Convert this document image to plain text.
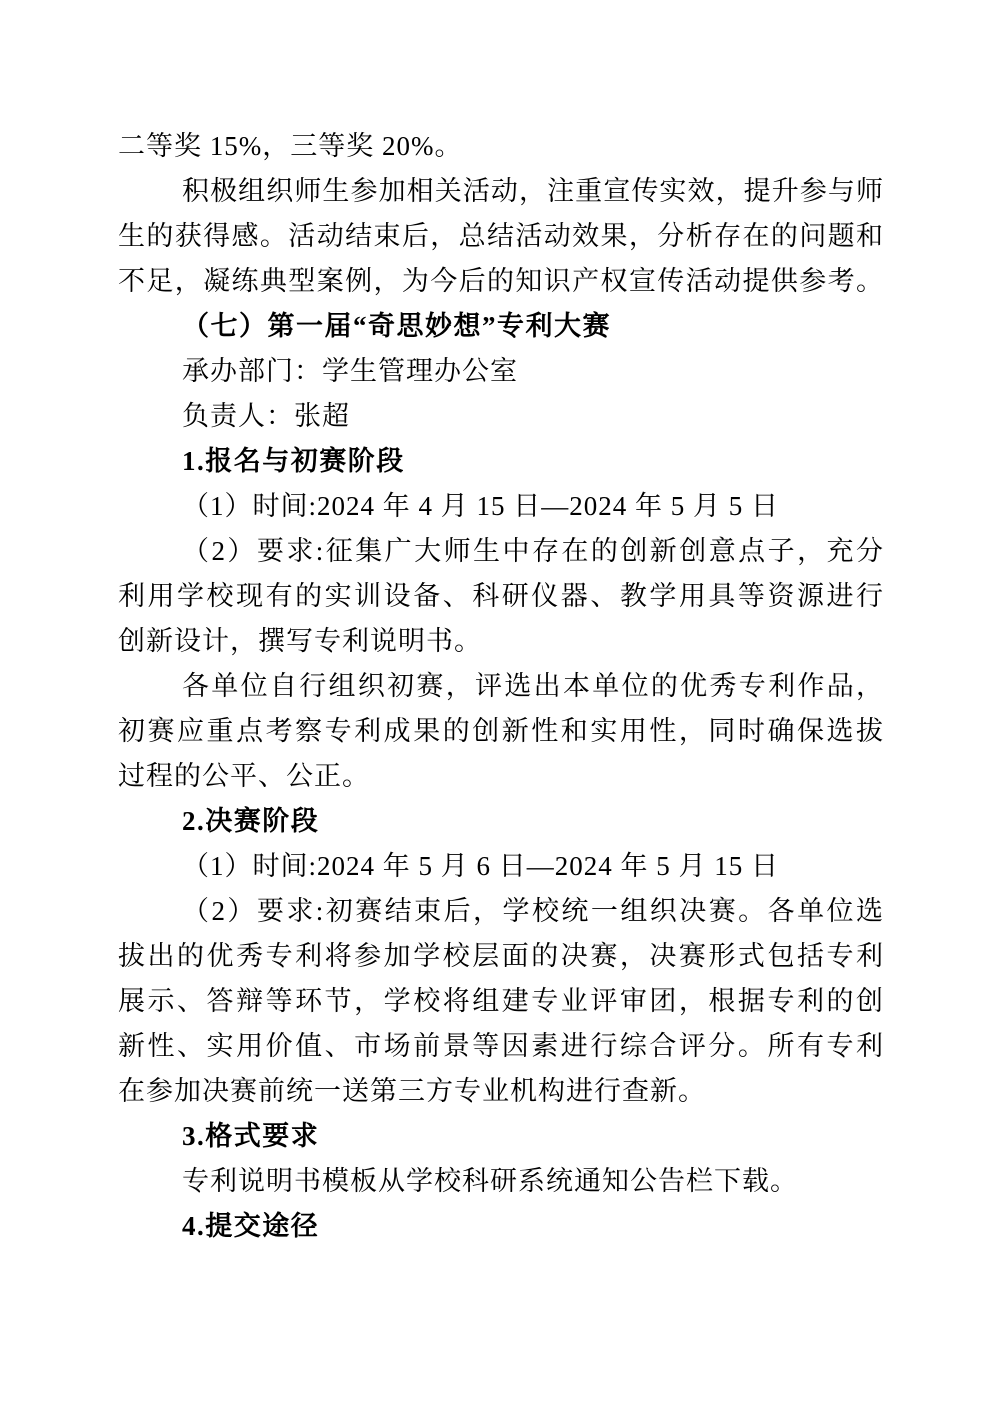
二等奖 15%，三等奖 20%。
积极组织师生参加相关活动，注重宣传实效，提升参与师
生的获得感。活动结束后，总结活动效果，分析存在的问题和
不足，凝练典型案例，为今后的知识产权宣传活动提供参考。
（七）第一届“奇思妙想”专利大赛
承办部门：学生管理办公室
负责人：张超
1.报名与初赛阶段
（1）时间:2024 年 4 月 15 日—2024 年 5 月 5 日
（2）要求:征集广大师生中存在的创新创意点子，充分
利用学校现有的实训设备、科研仪器、教学用具等资源进行
创新设计，撰写专利说明书。
各单位自行组织初赛，评选出本单位的优秀专利作品，
初赛应重点考察专利成果的创新性和实用性，同时确保选拔
过程的公平、公正。
2.决赛阶段
（1）时间:2024 年 5 月 6 日—2024 年 5 月 15 日
（2）要求:初赛结束后，学校统一组织决赛。各单位选
拔出的优秀专利将参加学校层面的决赛，决赛形式包括专利
展示、答辩等环节，学校将组建专业评审团，根据专利的创
新性、实用价值、市场前景等因素进行综合评分。所有专利
在参加决赛前统一送第三方专业机构进行查新。
3.格式要求
专利说明书模板从学校科研系统通知公告栏下载。
4.提交途径
